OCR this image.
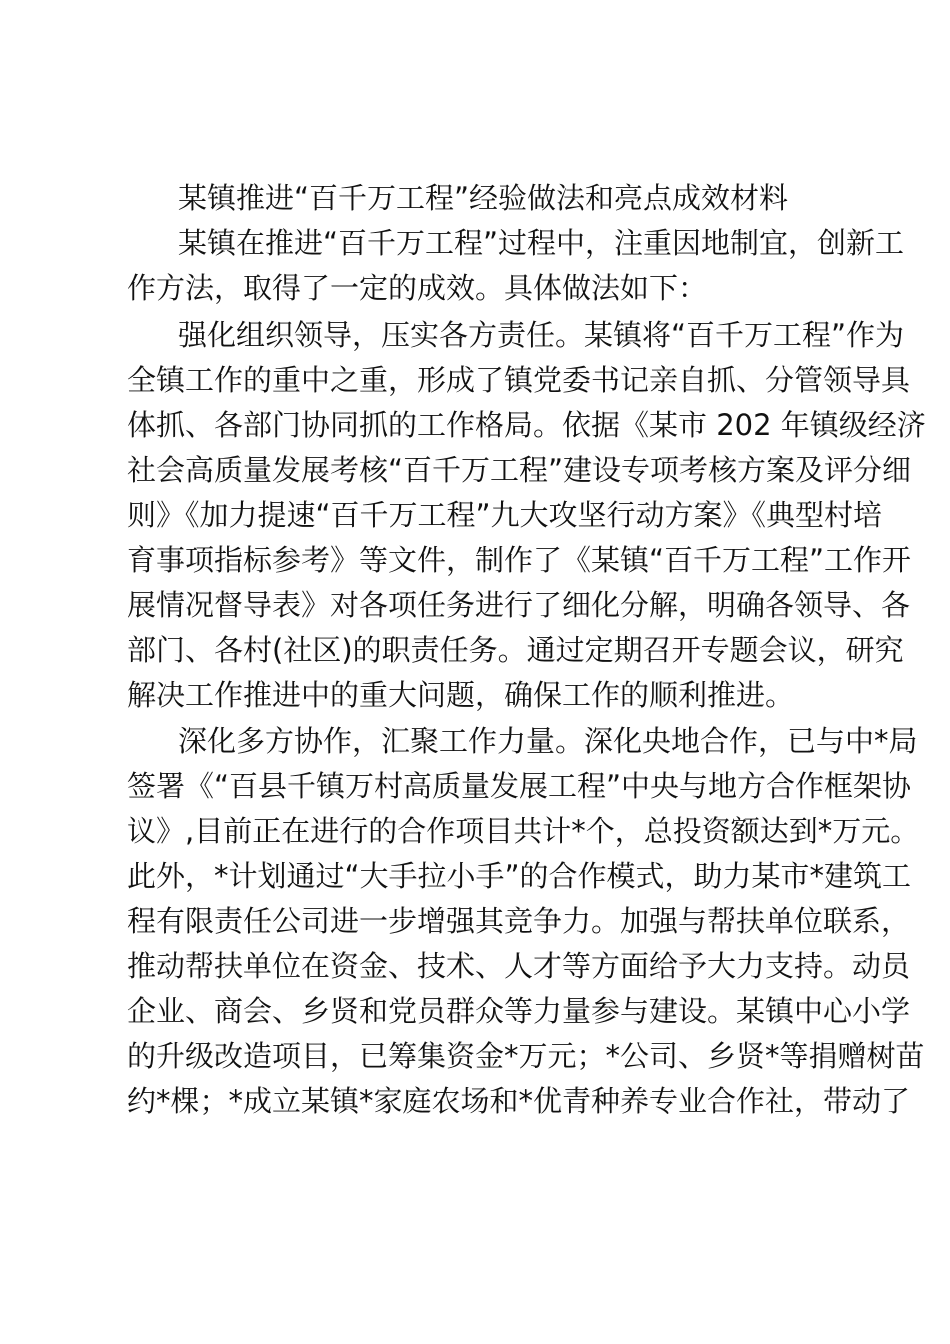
某镇推进“百千万工程”经验做法和亮点成效材料
某镇在推进“百千万工程”过程中，注重因地制宜，创新工
作方法，取得了一定的成效。具体做法如下：
强化组织领导，压实各方责任。某镇将“百千万工程”作为
全镇工作的重中之重，形成了镇党委书记亲自抓、分管领导具
体抓、各部门协同抓的工作格局。依据《某市 202 年镇级经济
社会高质量发展考核“百千万工程”建设专项考核方案及评分细
则》《加力提速“百千万工程”九大攻坚行动方案》《典型村培
育事项指标参考》等文件，制作了《某镇“百千万工程”工作开
展情况督导表》对各项任务进行了细化分解，明确各领导、各
部门、各村(社区)的职责任务。通过定期召开专题会议，研究
解决工作推进中的重大问题，确保工作的顺利推进。
深化多方协作，汇聚工作力量。深化央地合作，已与中*局
签署《“百县千镇万村高质量发展工程”中央与地方合作框架协
议》,目前正在进行的合作项目共计*个，总投资额达到*万元。
此外，*计划通过“大手拉小手”的合作模式，助力某市*建筑工
程有限责任公司进一步增强其竞争力。加强与帮扶单位联系，
推动帮扶单位在资金、技术、人才等方面给予大力支持。动员
企业、商会、乡贤和党员群众等力量参与建设。某镇中心小学
的升级改造项目，已筹集资金*万元；*公司、乡贤*等捐赠树苗
约*棵；*成立某镇*家庭农场和*优青种养专业合作社，带动了
